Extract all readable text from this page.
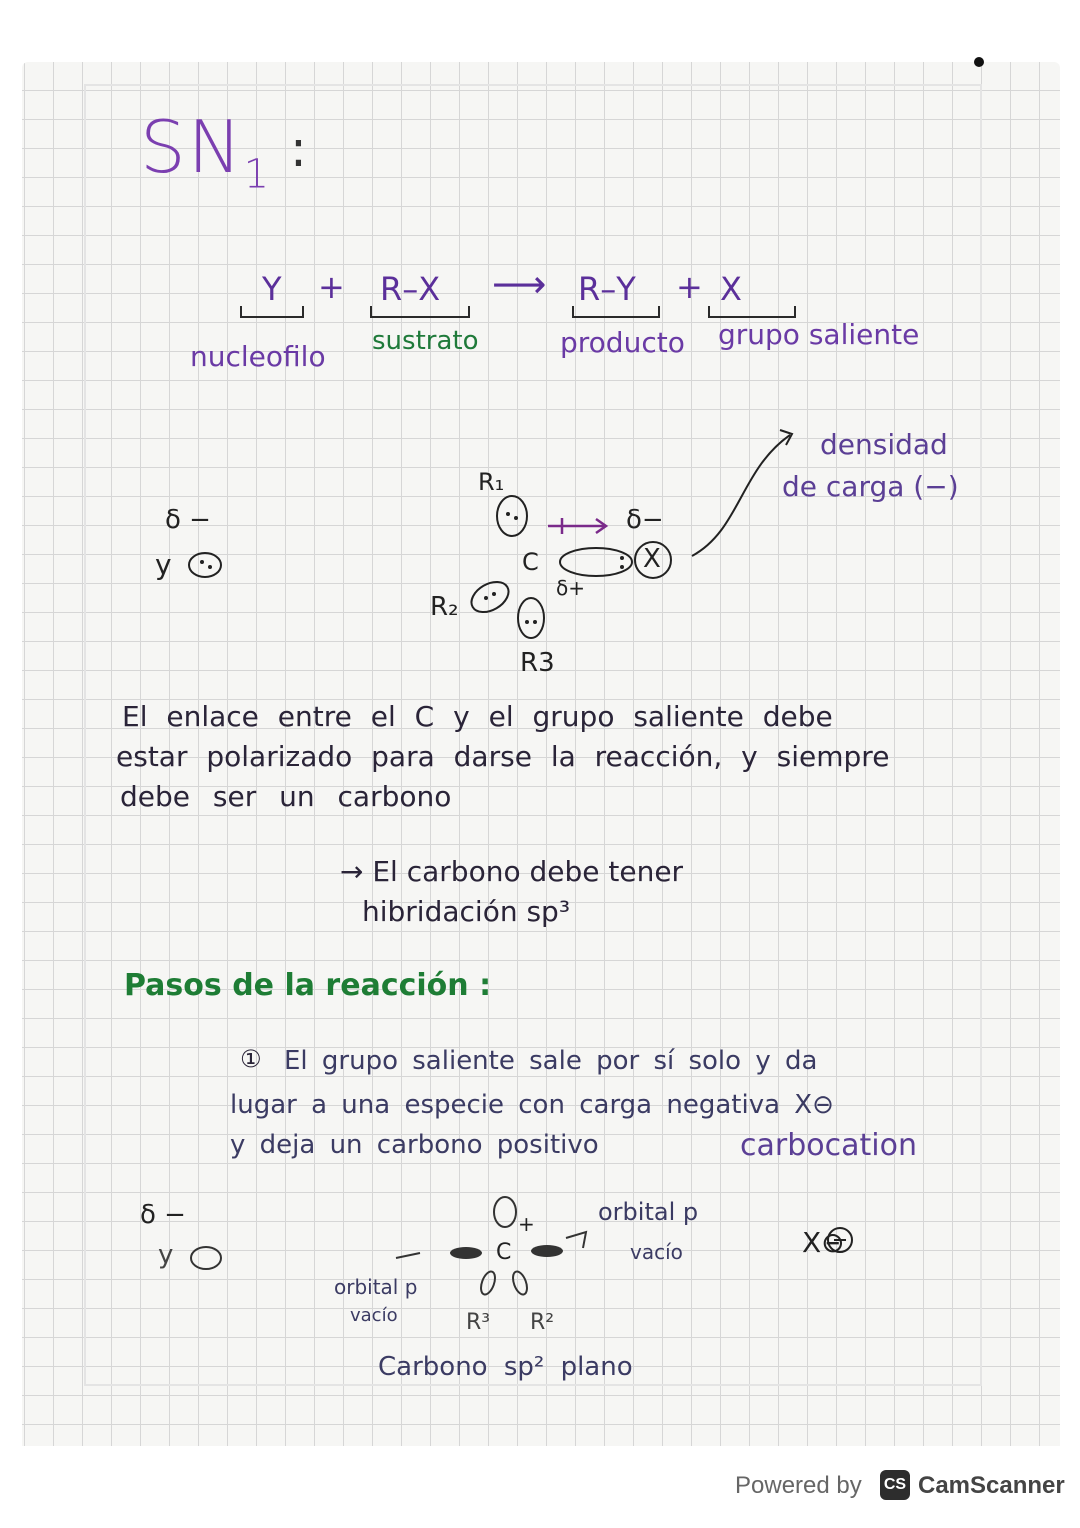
$SN_1$ :
Y + R–X ⟶ R–Y + X
nucleofilo sustrato	producto grupo saliente
δ −
y
R₁
R₂
R3
C
δ−
δ+
X
densidad
de carga (−)
El enlace entre el C y el grupo saliente debe
estar polarizado para darse la reacción, y siempre
debe ser un carbono
→ El carbono debe tener
hibridación sp³
Pasos de la reacción :
① El grupo saliente sale por sí solo y da
lugar a una especie con carga negativa X⊖
y deja un carbono positivo	carbocation
δ −
y	C
+
R³ R²
orbital p
vacío
orbital p
vacío
X⊖
Carbono sp² plano
Powered by CS CamScanner
